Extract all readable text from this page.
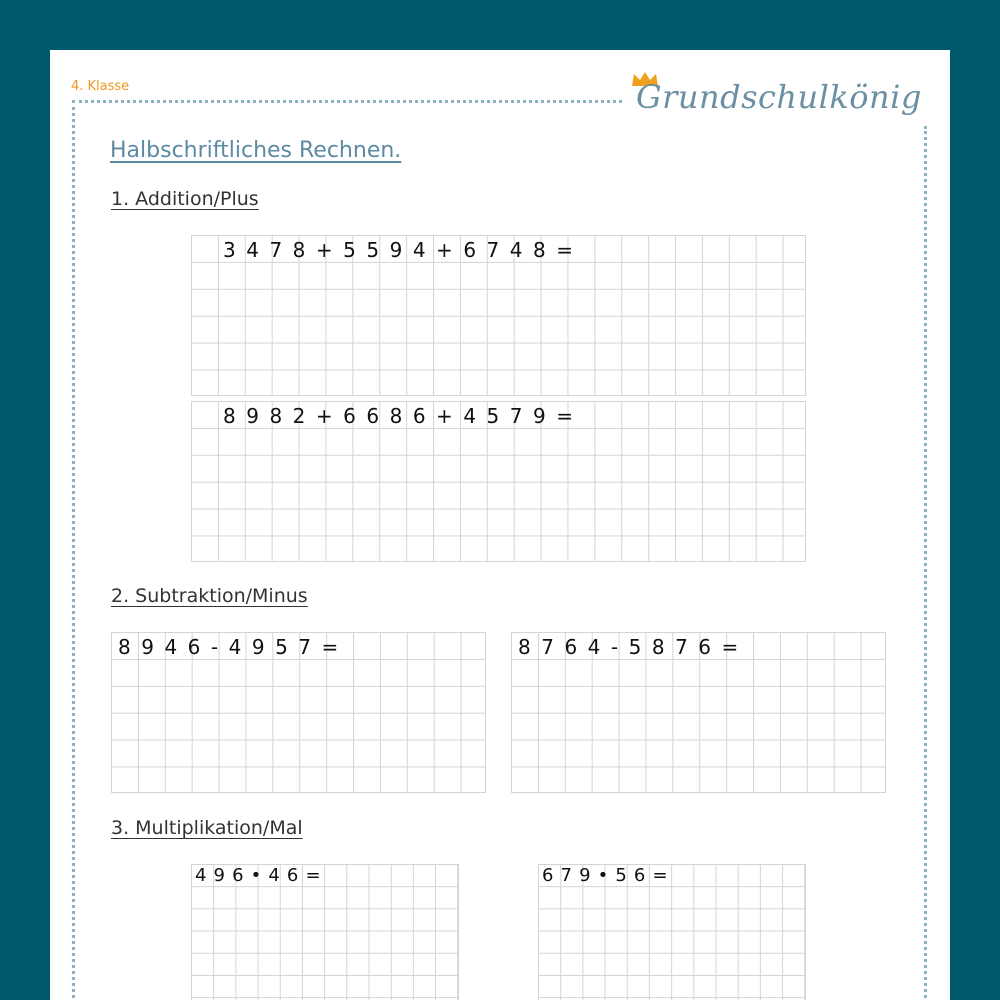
4. Klasse	Grundschulkönig
Halbschriftliches Rechnen.
1. Addition/Plus
3478+5594+6748=
8982+6686+4579=
2. Subtraktion/Minus
8946-4957=	8764-5876=
3. Multiplikation/Mal
496•46=	679•56=
